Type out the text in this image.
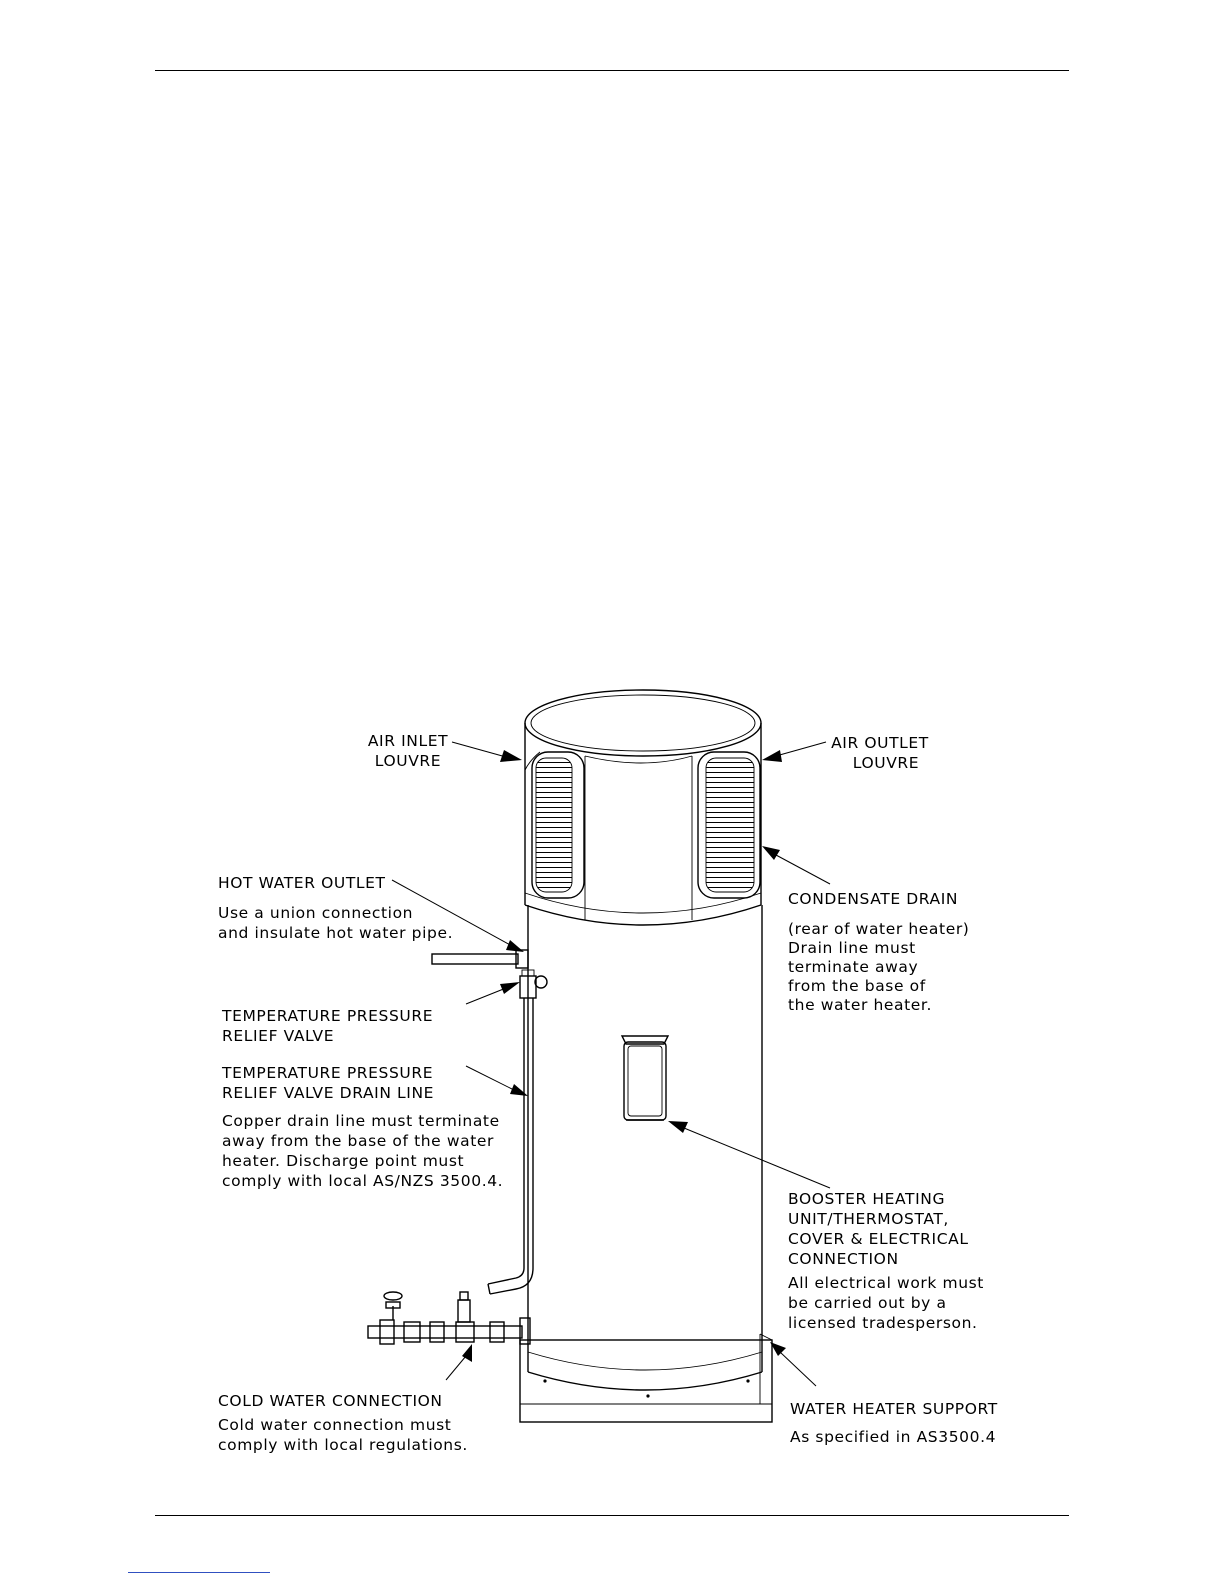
AIR INLET
LOUVRE
AIR OUTLET
LOUVRE
HOT WATER OUTLET
Use a union connection
and insulate hot water pipe.
CONDENSATE DRAIN
(rear of water heater)
Drain line must
terminate away
from the base of
the water heater.
TEMPERATURE PRESSURE
RELIEF VALVE
TEMPERATURE PRESSURE
RELIEF VALVE DRAIN LINE
Copper drain line must terminate
away from the base of the water
heater. Discharge point must
comply with local AS/NZS 3500.4.
BOOSTER HEATING
UNIT/THERMOSTAT,
COVER & ELECTRICAL
CONNECTION
All electrical work must
be carried out by a
licensed tradesperson.
COLD WATER CONNECTION
Cold water connection must
comply with local regulations.
WATER HEATER SUPPORT
As specified in AS3500.4
